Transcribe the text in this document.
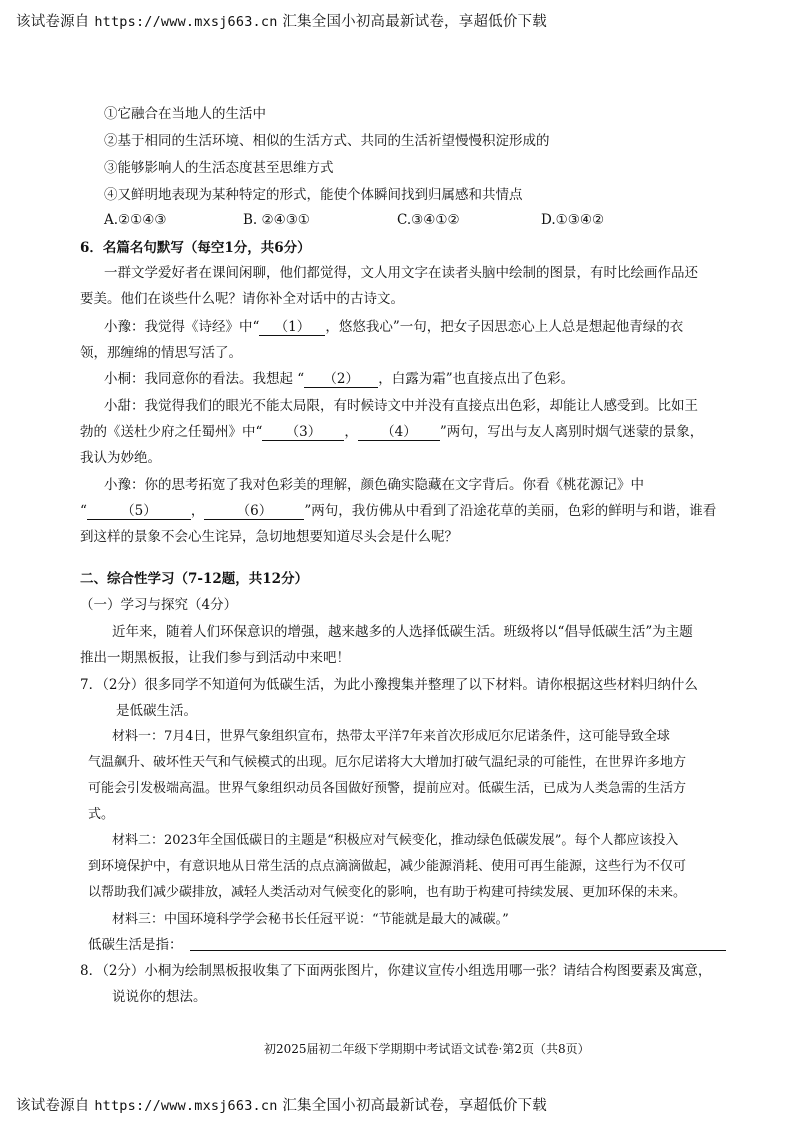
该试卷源自 https://www.mxsj663.cn 汇集全国小初高最新试卷，享超低价下载
①它融合在当地人的生活中
②基于相同的生活环境、相似的生活方式、共同的生活祈望慢慢积淀形成的
③能够影响人的生活态度甚至思维方式
④又鲜明地表现为某种特定的形式，能使个体瞬间找到归属感和共情点
A.②①④③	B. ②④③①	C.③④①②	D.①③④②
6．名篇名句默写（每空1分，共6分）
一群文学爱好者在课间闲聊，他们都觉得，文人用文字在读者头脑中绘制的图景，有时比绘画作品还
要美。他们在谈些什么呢？请你补全对话中的古诗文。
小豫：我觉得《诗经》中“ （1） ，悠悠我心”一句，把女子因思恋心上人总是想起他青绿的衣
领，那缠绵的情思写活了。
小桐：我同意你的看法。我想起 “ （2） ，白露为霜”也直接点出了色彩。
小甜：我觉得我们的眼光不能太局限，有时候诗文中并没有直接点出色彩，却能让人感受到。比如王
勃的《送杜少府之任蜀州》中“ （3） ， （4） ”两句，写出与友人离别时烟气迷蒙的景象，
我认为妙绝。
小豫：你的思考拓宽了我对色彩美的理解，颜色确实隐藏在文字背后。你看《桃花源记》中
“	（5）	， （6） ”两句，我仿佛从中看到了沿途花草的美丽，色彩的鲜明与和谐，谁看
到这样的景象不会心生诧异，急切地想要知道尽头会是什么呢？
二、综合性学习（7-12题，共12分）
（一）学习与探究（4分）
近年来，随着人们环保意识的增强，越来越多的人选择低碳生活。班级将以“倡导低碳生活”为主题
推出一期黑板报，让我们参与到活动中来吧！
7．（2分）很多同学不知道何为低碳生活，为此小豫搜集并整理了以下材料。请你根据这些材料归纳什么
是低碳生活。
材料一：7月4日，世界气象组织宣布，热带太平洋7年来首次形成厄尔尼诺条件，这可能导致全球
气温飙升、破坏性天气和气候模式的出现。厄尔尼诺将大大增加打破气温纪录的可能性，在世界许多地方
可能会引发极端高温。世界气象组织动员各国做好预警，提前应对。低碳生活，已成为人类急需的生活方
式。
材料二：2023年全国低碳日的主题是“积极应对气候变化，推动绿色低碳发展”。每个人都应该投入
到环境保护中，有意识地从日常生活的点点滴滴做起，减少能源消耗、使用可再生能源，这些行为不仅可
以帮助我们减少碳排放，减轻人类活动对气候变化的影响，也有助于构建可持续发展、更加环保的未来。
材料三：中国环境科学学会秘书长任冠平说：“节能就是最大的减碳。”
低碳生活是指：
8．（2分）小桐为绘制黑板报收集了下面两张图片，你建议宣传小组选用哪一张？请结合构图要素及寓意，
说说你的想法。
初2025届初二年级下学期期中考试语文试卷·第2页（共8页）
该试卷源自 https://www.mxsj663.cn 汇集全国小初高最新试卷，享超低价下载
